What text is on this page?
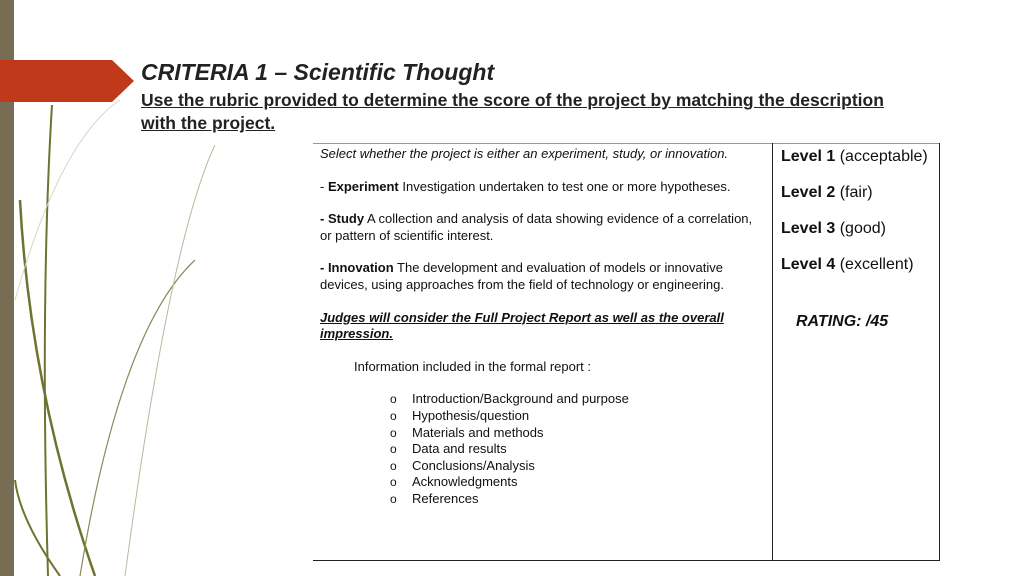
CRITERIA 1 – Scientific Thought

Use the rubric provided to determine the score of the project by matching the description with the project.

Select whether the project is either an experiment, study, or innovation.

- Experiment Investigation undertaken to test one or more hypotheses.

- Study A collection and analysis of data showing evidence of a correlation, or pattern of scientific interest.

- Innovation The development and evaluation of models or innovative devices, using approaches from the field of technology or engineering.

Judges will consider the Full Project Report as well as the overall impression.

Information included in the formal report :

o Introduction/Background and purpose
o Hypothesis/question
o Materials and methods
o Data and results
o Conclusions/Analysis
o Acknowledgments
o References

Level 1 (acceptable)

Level 2 (fair)

Level 3 (good)

Level 4 (excellent)

RATING: /45
